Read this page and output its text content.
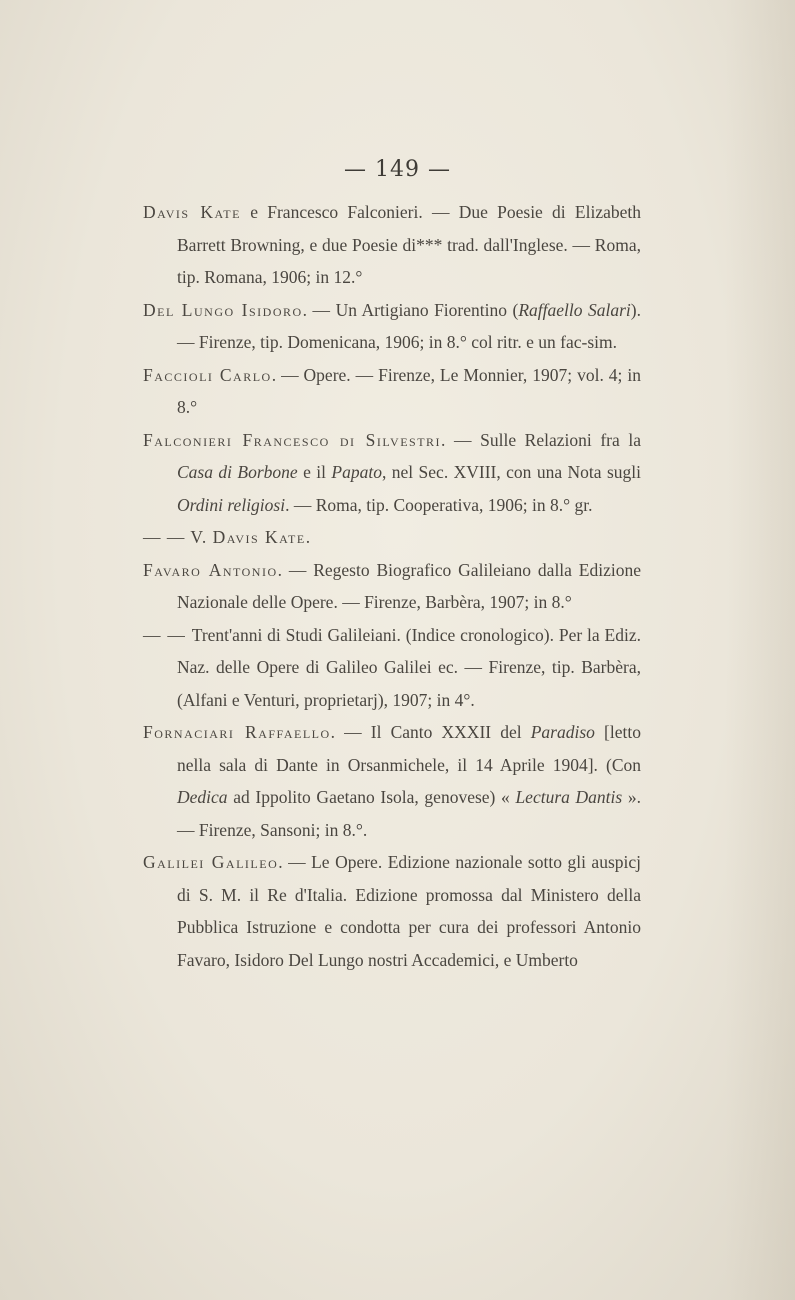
— 149 —

Davis Kate e Francesco Falconieri. — Due Poesie di Elizabeth Barrett Browning, e due Poesie di*** trad. dall'Inglese. — Roma, tip. Romana, 1906; in 12.°

Del Lungo Isidoro. — Un Artigiano Fiorentino (Raffaello Salari). — Firenze, tip. Domenicana, 1906; in 8.° col ritr. e un fac-sim.

Faccioli Carlo. — Opere. — Firenze, Le Monnier, 1907; vol. 4; in 8.°

Falconieri Francesco di Silvestri. — Sulle Relazioni fra la Casa di Borbone e il Papato, nel Sec. XVIII, con una Nota sugli Ordini religiosi. — Roma, tip. Cooperativa, 1906; in 8.° gr.

— — V. Davis Kate.

Favaro Antonio. — Regesto Biografico Galileiano dalla Edizione Nazionale delle Opere. — Firenze, Barbèra, 1907; in 8.°

— — Trent'anni di Studi Galileiani. (Indice cronologico). Per la Ediz. Naz. delle Opere di Galileo Galilei ec. — Firenze, tip. Barbèra, (Alfani e Venturi, proprietarj), 1907; in 4°.

Fornaciari Raffaello. — Il Canto XXXII del Paradiso [letto nella sala di Dante in Orsanmichele, il 14 Aprile 1904]. (Con Dedica ad Ippolito Gaetano Isola, genovese) « Lectura Dantis ». — Firenze, Sansoni; in 8.°.

Galilei Galileo. — Le Opere. Edizione nazionale sotto gli auspicj di S. M. il Re d'Italia. Edizione promossa dal Ministero della Pubblica Istruzione e condotta per cura dei professori Antonio Favaro, Isidoro Del Lungo nostri Accademici, e Umberto
